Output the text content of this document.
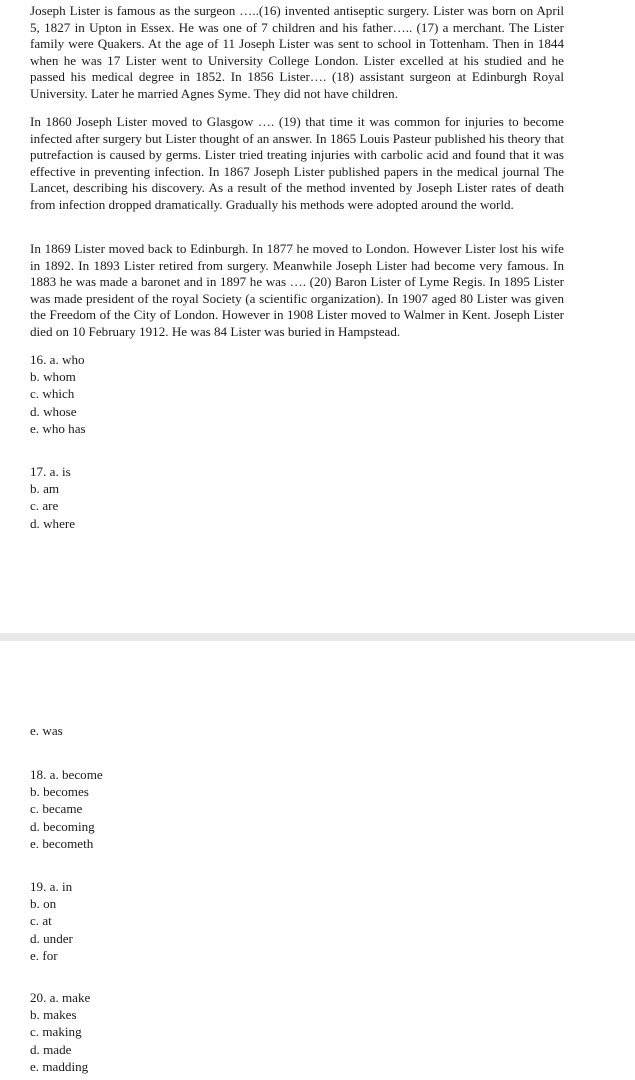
Joseph Lister is famous as the surgeon …..(16) invented antiseptic surgery. Lister was born on April 5, 1827 in Upton in Essex. He was one of 7 children and his father….. (17) a merchant. The Lister family were Quakers. At the age of 11 Joseph Lister was sent to school in Tottenham. Then in 1844 when he was 17 Lister went to University College London. Lister excelled at his studied and he passed his medical degree in 1852. In 1856 Lister…. (18) assistant surgeon at Edinburgh Royal University. Later he married Agnes Syme. They did not have children.

In 1860 Joseph Lister moved to Glasgow …. (19) that time it was common for injuries to become infected after surgery but Lister thought of an answer. In 1865 Louis Pasteur published his theory that putrefaction is caused by germs. Lister tried treating injuries with carbolic acid and found that it was effective in preventing infection. In 1867 Joseph Lister published papers in the medical journal The Lancet, describing his discovery. As a result of the method invented by Joseph Lister rates of death from infection dropped dramatically. Gradually his methods were adopted around the world.

In 1869 Lister moved back to Edinburgh. In 1877 he moved to London. However Lister lost his wife in 1892. In 1893 Lister retired from surgery. Meanwhile Joseph Lister had become very famous. In 1883 he was made a baronet and in 1897 he was …. (20) Baron Lister of Lyme Regis. In 1895 Lister was made president of the royal Society (a scientific organization). In 1907 aged 80 Lister was given the Freedom of the City of London. However in 1908 Lister moved to Walmer in Kent. Joseph Lister died on 10 February 1912. He was 84 Lister was buried in Hampstead.

16. a. who
b. whom
c. which
d. whose
e. who has
17. a. is
b. am
c. are
d. where
e. was
18. a. become
b. becomes
c. became
d. becoming
e. becometh
19. a. in
b. on
c. at
d. under
e. for
20. a. make
b. makes
c. making
d. made
e. madding
